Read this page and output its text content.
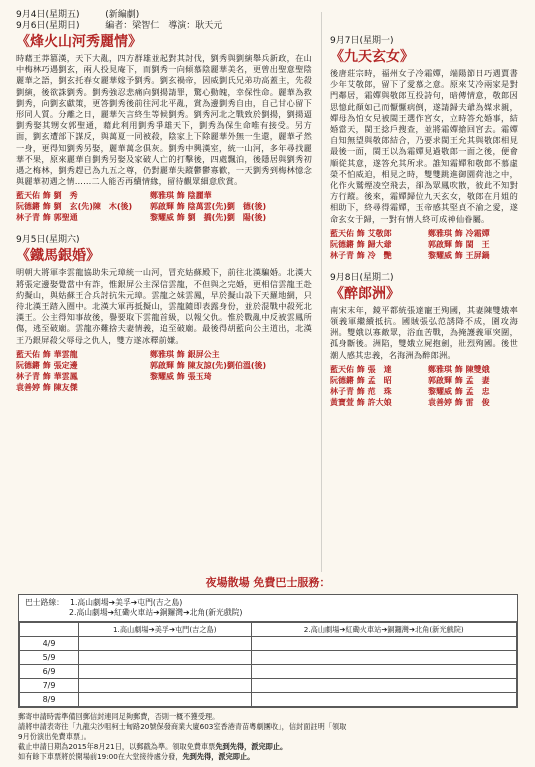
9月4日(星期五)	(新編劇)
9月6日(星期日)	編者：梁智仁　導演：耿天元
《烽火山河秀麗情》
時藉王莽篡漢，天下大亂，四方群雄並起對其討伐，劉秀與劉縯舉兵新政，在山中梅林巧遇劉玄，兩人投見庵下，而劉秀一向傾慕陰麗華美名，更曾出聖意聖陰麗華之語，劉玄托春女麗華嫁予劉秀。劉玄禍帝，因威劉氏兄弟功高蓋主，先殺劉縯，後欲誅劉秀。劉秀強忍悲痛向劉揚請罪，驚心動魄，幸保性命。麗華為救劉秀，向劉玄獻策，更答劉秀後前往河北平亂，賞為邊劉秀自由，自己甘心留下形同人質。分離之日，麗華矢言終生等候劉秀。劉秀河北之戰致於劉揚，劉揚逼劉秀娶其甥女郭聖通，藉此利用劉秀爭雄天下，劉秀為保生命唯有接受。另方面，劉玄遭部下謀反，與萬夏一同被殺，陰家上下除麗華外無一生還，麗華孑然一身，更得知劉秀另娶，麗華萬念俱灰。劉秀中興漢室，統一山河，多年尋找麗華不果，原來麗華自劉秀另娶及家破人亡的打擊後，四處飄泊，後隱居與劉秀初遇之梅林，劉秀趕已為九五之尊，仍對麗華失蹤鬱鬱寡歡，一天劉秀到梅林憶念與麗華初遇之情……二人能否再續情緣，留待觀眾細意欣賞。
藍天佑 飾 劉　秀	鄭雅琪 飾 陰麗華
阮德鏘 飾 劉　玄(先)陳　木(後)	郭啟輝 飾 陰萬雲(先)劉　德(後)
林子青 飾 郭聖通	黎耀威 飾 劉　撟(先)劉　陽(後)
9月5日(星期六)
《鐵馬銀婚》
明朝大將軍李雲龍協助朱元璋統一山河，冒充姑蘇殿下，前往北漢騙婚。北漢大將張定邊娶覺當中有詐，惟銀屏公主深信雲龍，不但與之完婚，更相信雲龍王赴約擬山，與姑蘇王合兵討抗朱元璋。雲龍之妹雲鳳，早於擬山設下天羅地網，只待北漢王踏入圈中。北漢大軍再抵擬山，雲龍隨即表露身份，並於混戰中殺死北漢王。公主得知事故後，譽要取下雲龍首級，以報父仇。惟於戰亂中反被雲鳳所傷，逃至破廟。雲龍亦難捨夫妻情義，追至破廟。最後得胡藍向公主道出，北漢王乃銀屏殺父辱母之仇人，雙方遂冰釋前嫌。
藍天佑 飾 華雲龍	鄭雅琪 飾 銀屏公主
阮德鏘 飾 張定邊	郭啟輝 飾 陳友諒(先)劉伯溫(後)
林子青 飾 華雲鳳	黎耀威 飾 張玉琦
袁善婷 飾 陳友傑
9月7日(星期一)
《九天玄女》
後唐莊宗時，福州女子冷霜嬋，端陽節日巧遇賈書少年艾敬郎，留下了愛慕之意。原來艾冷兩家是對門鄰居，霜嬋與敬郎互投詩句，暗傳情意，敬郎因思憶此顏如己而懨懨病倒，遂請歸夫爺為媒求親，嬋母為怕女兒被閩王選作宮女，立時答允婚事，結婚當天，閩王捻戶搜查，並將霜嬋搶回宮去。霜嬋自知無望與敬郎結合，乃要求閩王允其與敬郎相見最後一面，閩王以為霜嬋見過敬郎一面之後，便會順從其意，遂答允其所求。誰知霜嬋和敬郎不慕虛榮不怕威迫，相見之時，雙雙跳進御園荷池之中，化作火鷲煙凌空飛去，卻為眾鳳吹散，彼此不知對方行蹤。後來，霜嬋歸位九天玄女，敬郎在月姐的相助下，終尋得霜嬋，玉帝感其堅貞不渝之愛，遂命玄女于歸，一對有情人終可成神仙眷屬。
藍天佑 飾 艾敬郎	鄭雅琪 飾 冷霜嬋
阮德鏘 飾 歸大爺	郭啟輝 飾 閩　王
林子青 飾 冷　艷	黎耀威 飾 王屏鍋
9月8日(星期二)
《醉郎洲》
南宋末年，鏡平都統張達寵王殉國，其妻陳雙娥率領義軍繼續抵抗。國賊張弘范誘降不成，圍攻海洲。雙娥以寡敵眾，浴血苦戰，為掩護義軍突圍，孤身斷後。洲陷，雙娥立屍抱劍，壯烈殉國。後世潮人感其忠義，名海洲為醉郎洲。
藍天佑 飾 張　達	鄭雅琪 飾 陳雙娥
阮德鏘 飾 孟　昭	郭啟輝 飾 孟　妻
林子青 飾 范　珠	黎耀威 飾 孟　忠
黃寶萱 飾 許大娘	袁善婷 飾 雷　俊
夜場散場 免費巴士服務：
巴士路線： 1.高山劇場➔美孚➔屯門(吉之島)
2.高山劇場➔紅磡火車站➔銅鑼灣➔北角(新光戲院)
	1.高山劇場➔美孚➔屯門(吉之島)	2.高山劇場➔紅磡火車站➔銅鑼灣➔北角(新光戲院)
4/9		
5/9		
6/9		
7/9		
8/9		
郵寄申請時需準備回郵信封連同足夠郵費，否則一概不獲受理。
請將申請表寄往「九龍尖沙咀柯士甸路20號保發商業大廈603室香港青苗粵劇團收」，信封面註明「領取
9月份演出免費車票」。
截止申請日期為2015年8月21日，以郵戳為準。領取免費車票先到先得，派完即止。
如有餘下車票將於開場前19:00在大堂接待處分發，先到先得，派完即止。
